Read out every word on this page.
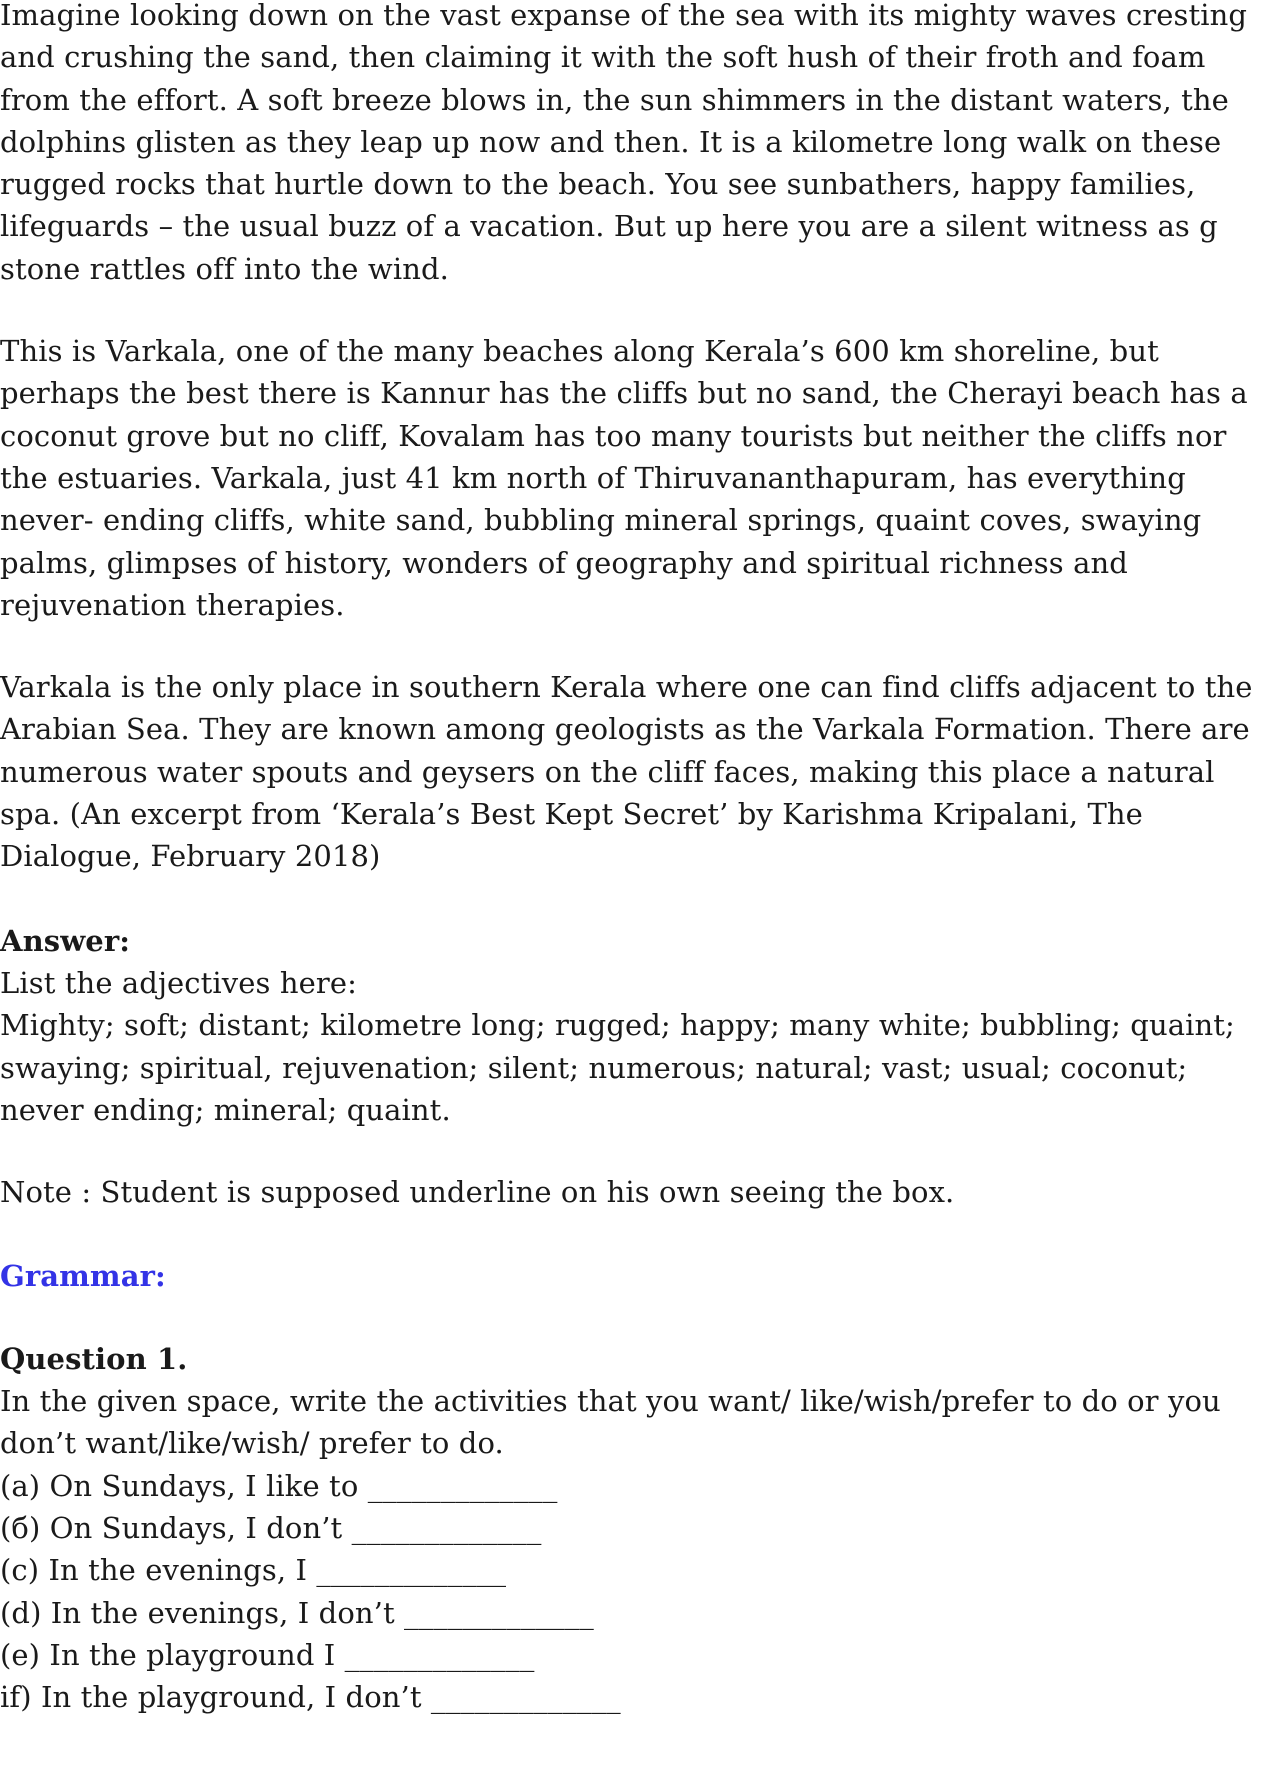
Imagine looking down on the vast expanse of the sea with its mighty waves cresting
and crushing the sand, then claiming it with the soft hush of their froth and foam
from the effort. A soft breeze blows in, the sun shimmers in the distant waters, the
dolphins glisten as they leap up now and then. It is a kilometre long walk on these
rugged rocks that hurtle down to the beach. You see sunbathers, happy families,
lifeguards – the usual buzz of a vacation. But up here you are a silent witness as g
stone rattles off into the wind.
This is Varkala, one of the many beaches along Kerala’s 600 km shoreline, but
perhaps the best there is Kannur has the cliffs but no sand, the Cherayi beach has a
coconut grove but no cliff, Kovalam has too many tourists but neither the cliffs nor
the estuaries. Varkala, just 41 km north of Thiruvananthapuram, has everything
never- ending cliffs, white sand, bubbling mineral springs, quaint coves, swaying
palms, glimpses of history, wonders of geography and spiritual richness and
rejuvenation therapies.
Varkala is the only place in southern Kerala where one can find cliffs adjacent to the
Arabian Sea. They are known among geologists as the Varkala Formation. There are
numerous water spouts and geysers on the cliff faces, making this place a natural
spa. (An excerpt from ‘Kerala’s Best Kept Secret’ by Karishma Kripalani, The
Dialogue, February 2018)
Answer:
List the adjectives here:
Mighty; soft; distant; kilometre long; rugged; happy; many white; bubbling; quaint;
swaying; spiritual, rejuvenation; silent; numerous; natural; vast; usual; coconut;
never ending; mineral; quaint.
Note : Student is supposed underline on his own seeing the box.
Grammar:
Question 1.
In the given space, write the activities that you want/ like/wish/prefer to do or you
don’t want/like/wish/ prefer to do.
(a) On Sundays, I like to _____________
(б) On Sundays, I don’t _____________
(c) In the evenings, I _____________
(d) In the evenings, I don’t _____________
(e) In the playground I _____________
if) In the playground, I don’t _____________
